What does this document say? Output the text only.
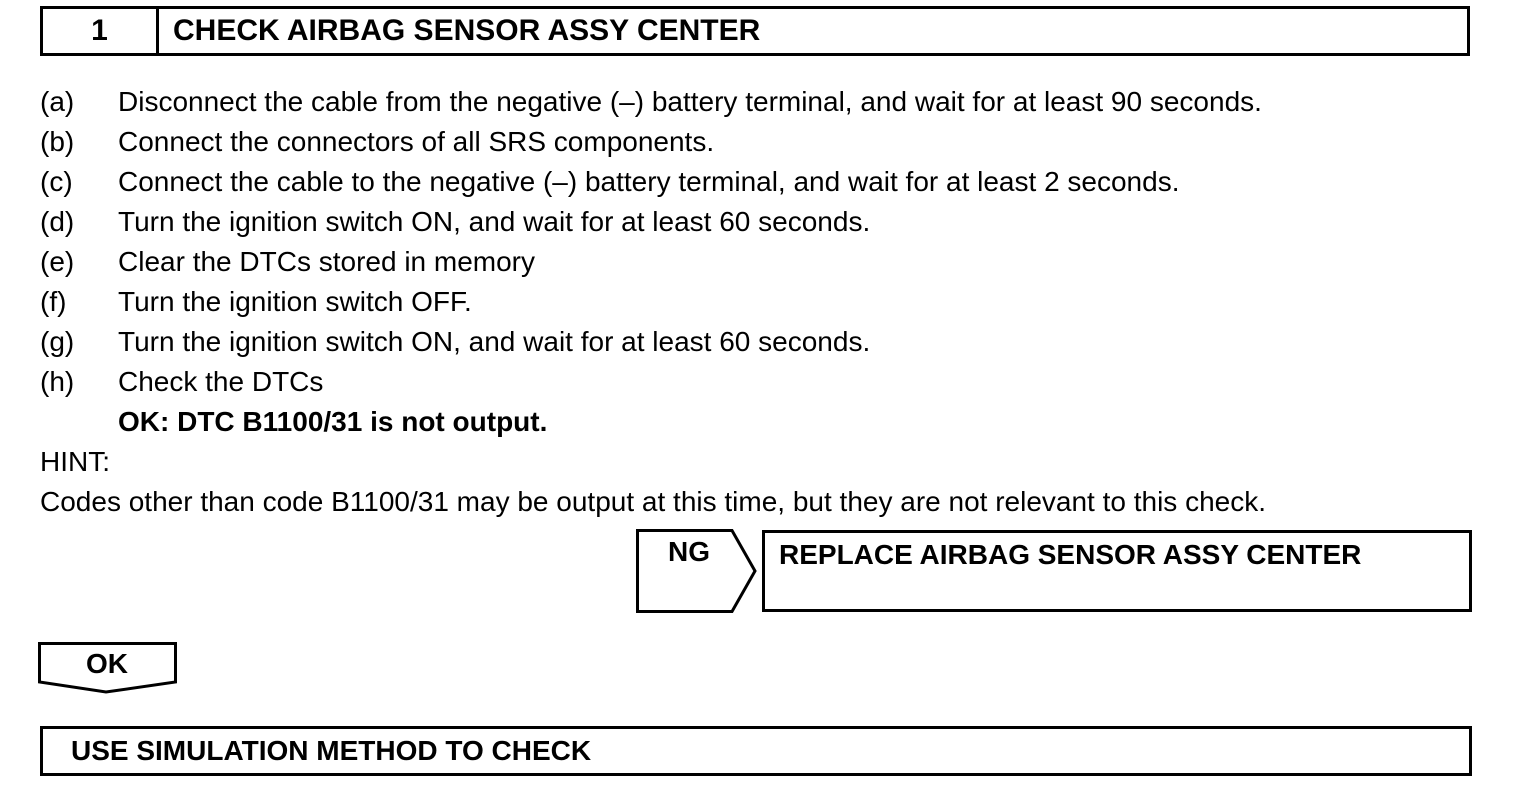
1	CHECK AIRBAG SENSOR ASSY CENTER
(a)	Disconnect the cable from the negative (–) battery terminal, and wait for at least 90 seconds.
(b)	Connect the connectors of all SRS components.
(c)	Connect the cable to the negative (–) battery terminal, and wait for at least 2 seconds.
(d)	Turn the ignition switch ON, and wait for at least 60 seconds.
(e)	Clear the DTCs stored in memory
(f)	Turn the ignition switch OFF.
(g)	Turn the ignition switch ON, and wait for at least 60 seconds.
(h)	Check the DTCs
OK: DTC B1100/31 is not output.
HINT:
Codes other than code B1100/31 may be output at this time, but they are not relevant to this check.
NG	REPLACE AIRBAG SENSOR ASSY CENTER
OK
USE SIMULATION METHOD TO CHECK
